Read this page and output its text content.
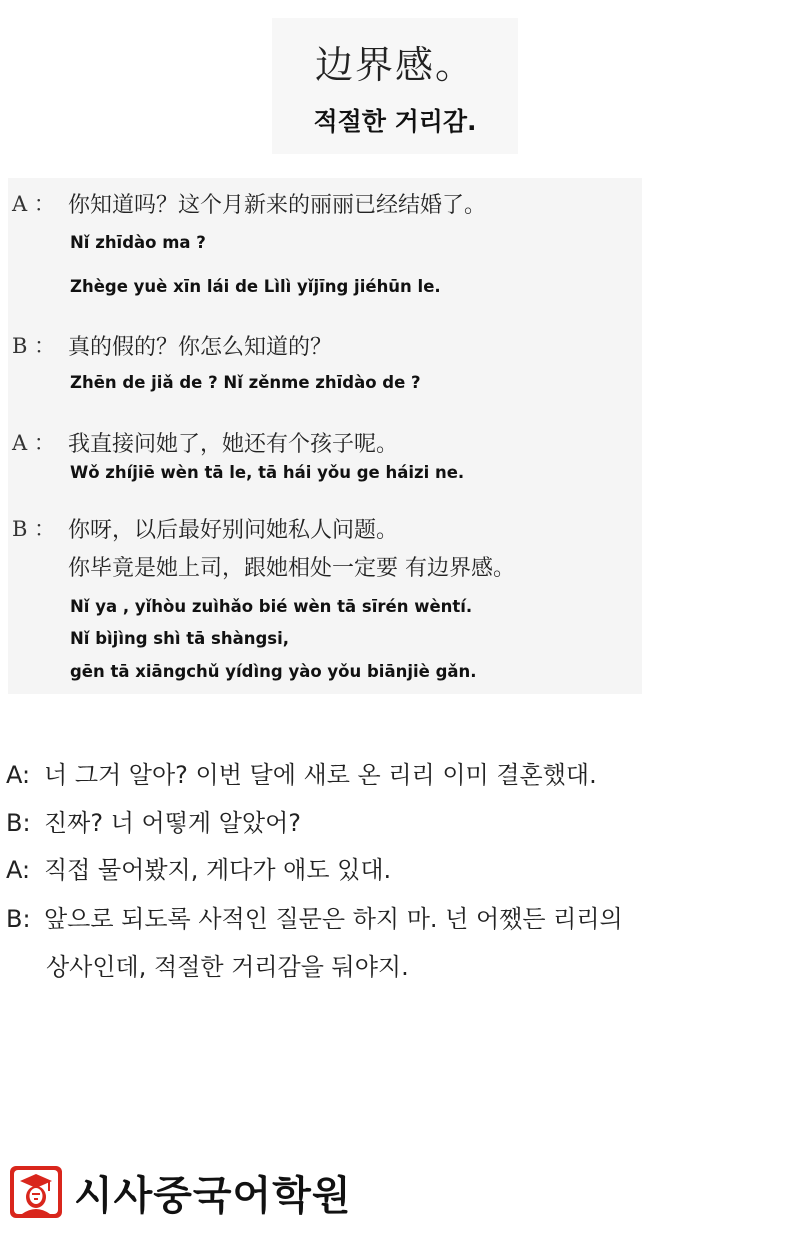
边界感。
적절한 거리감.
A ： 你知道吗？这个月新来的丽丽已经结婚了。
Nǐ zhīdào ma ?
Zhège yuè xīn lái de Lìlì yǐjīng jiéhūn le.
B ： 真的假的？你怎么知道的？
Zhēn de jiǎ de ? Nǐ zěnme zhīdào de ?
A ： 我直接问她了，她还有个孩子呢。
Wǒ zhíjiē wèn tā le, tā hái yǒu ge háizi ne.
B ： 你呀，以后最好别问她私人问题。
你毕竟是她上司，跟她相处一定要 有边界感。
Nǐ ya , yǐhòu zuìhǎo bié wèn tā sīrén wèntí.
Nǐ bìjìng shì tā shàngsi,
gēn tā xiāngchǔ yídìng yào yǒu biānjiè gǎn.
A: 너 그거 알아? 이번 달에 새로 온 리리 이미 결혼했대.
B: 진짜? 너 어떻게 알았어?
A: 직접 물어봤지, 게다가 애도 있대.
B: 앞으로 되도록 사적인 질문은 하지 마. 넌 어쨌든 리리의
상사인데, 적절한 거리감을 둬야지.
시사중국어학원
